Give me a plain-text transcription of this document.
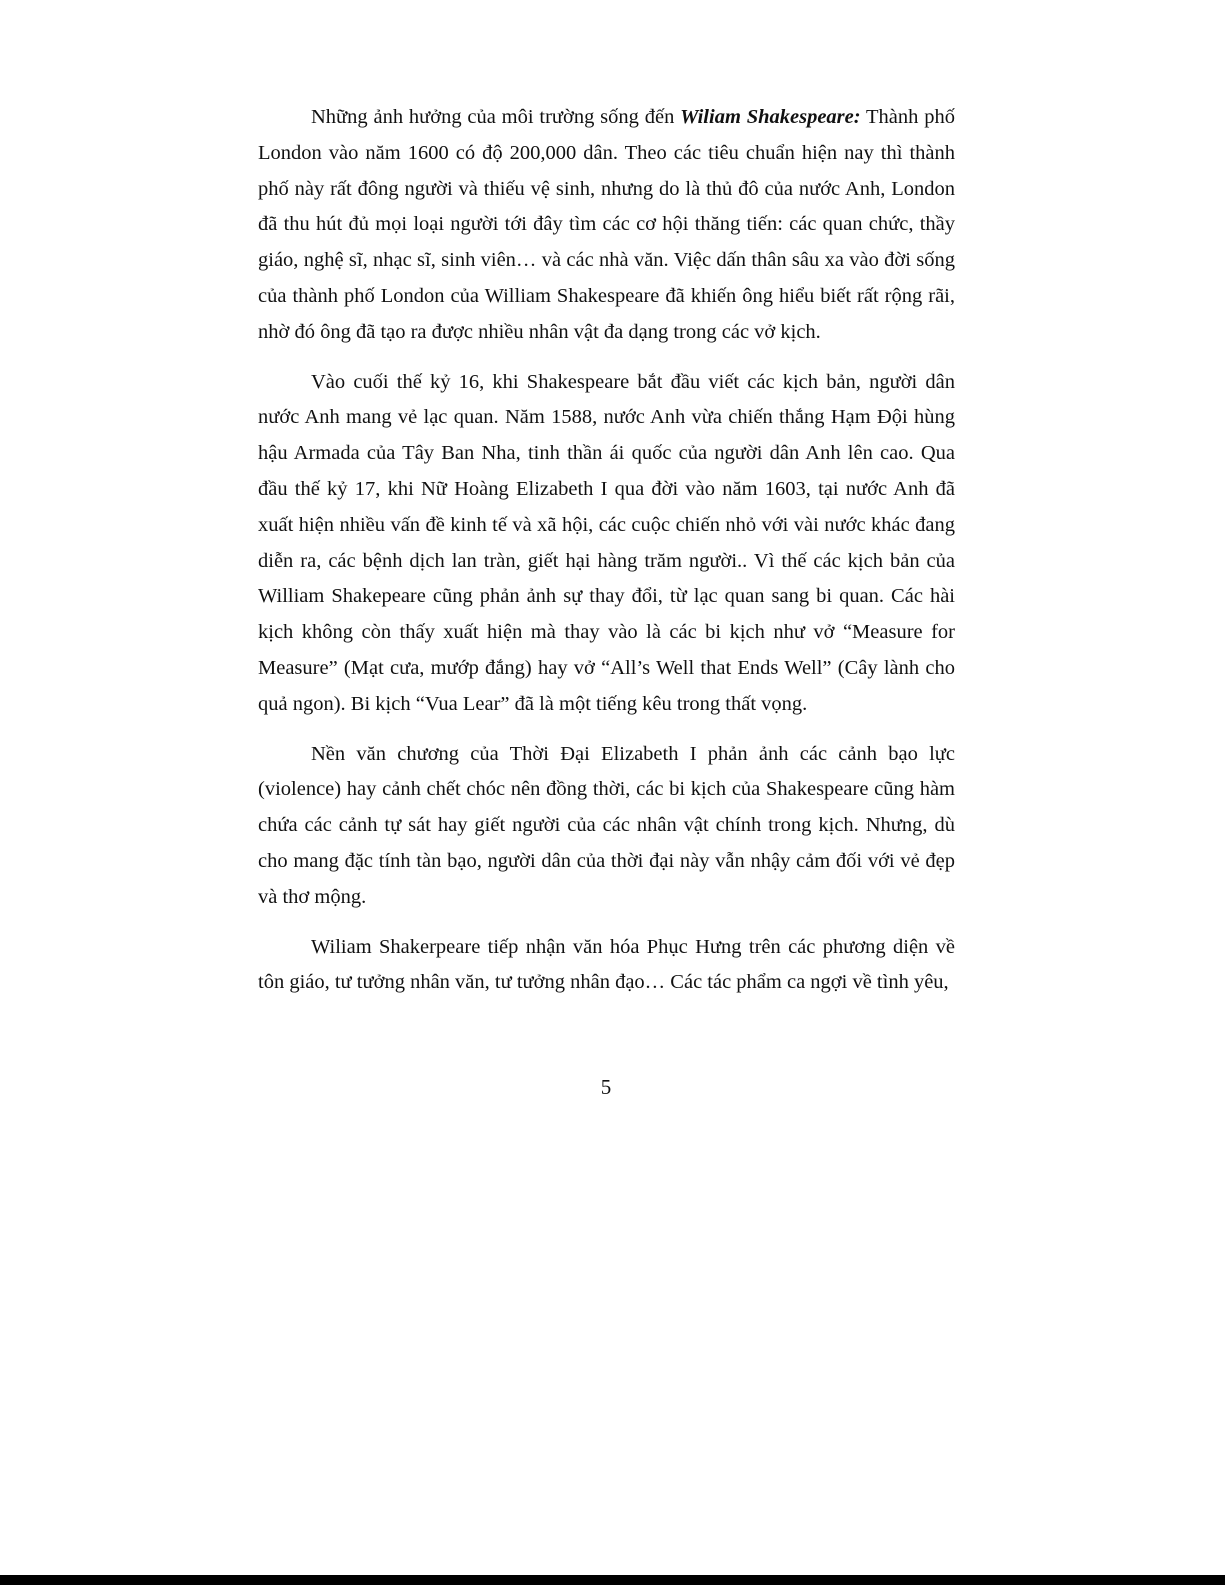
Những ảnh hưởng của môi trường sống đến Wiliam Shakespeare: Thành phố London vào năm 1600 có độ 200,000 dân. Theo các tiêu chuẩn hiện nay thì thành phố này rất đông người và thiếu vệ sinh, nhưng do là thủ đô của nước Anh, London đã thu hút đủ mọi loại người tới đây tìm các cơ hội thăng tiến: các quan chức, thầy giáo, nghệ sĩ, nhạc sĩ, sinh viên… và các nhà văn. Việc dấn thân sâu xa vào đời sống của thành phố London của William Shakespeare đã khiến ông hiểu biết rất rộng rãi, nhờ đó ông đã tạo ra được nhiều nhân vật đa dạng trong các vở kịch.

Vào cuối thế kỷ 16, khi Shakespeare bắt đầu viết các kịch bản, người dân nước Anh mang vẻ lạc quan. Năm 1588, nước Anh vừa chiến thắng Hạm Đội hùng hậu Armada của Tây Ban Nha, tinh thần ái quốc của người dân Anh lên cao. Qua đầu thế kỷ 17, khi Nữ Hoàng Elizabeth I qua đời vào năm 1603, tại nước Anh đã xuất hiện nhiều vấn đề kinh tế và xã hội, các cuộc chiến nhỏ với vài nước khác đang diễn ra, các bệnh dịch lan tràn, giết hại hàng trăm người.. Vì thế các kịch bản của William Shakepeare cũng phản ảnh sự thay đổi, từ lạc quan sang bi quan. Các hài kịch không còn thấy xuất hiện mà thay vào là các bi kịch như vở “Measure for Measure” (Mạt cưa, mướp đắng) hay vở “All’s Well that Ends Well” (Cây lành cho quả ngon). Bi kịch “Vua Lear” đã là một tiếng kêu trong thất vọng.

Nền văn chương của Thời Đại Elizabeth I phản ảnh các cảnh bạo lực (violence) hay cảnh chết chóc nên đồng thời, các bi kịch của Shakespeare cũng hàm chứa các cảnh tự sát hay giết người của các nhân vật chính trong kịch. Nhưng, dù cho mang đặc tính tàn bạo, người dân của thời đại này vẫn nhậy cảm đối với vẻ đẹp và thơ mộng.

Wiliam Shakerpeare tiếp nhận văn hóa Phục Hưng trên các phương diện về tôn giáo, tư tưởng nhân văn, tư tưởng nhân đạo… Các tác phẩm ca ngợi về tình yêu,

5
